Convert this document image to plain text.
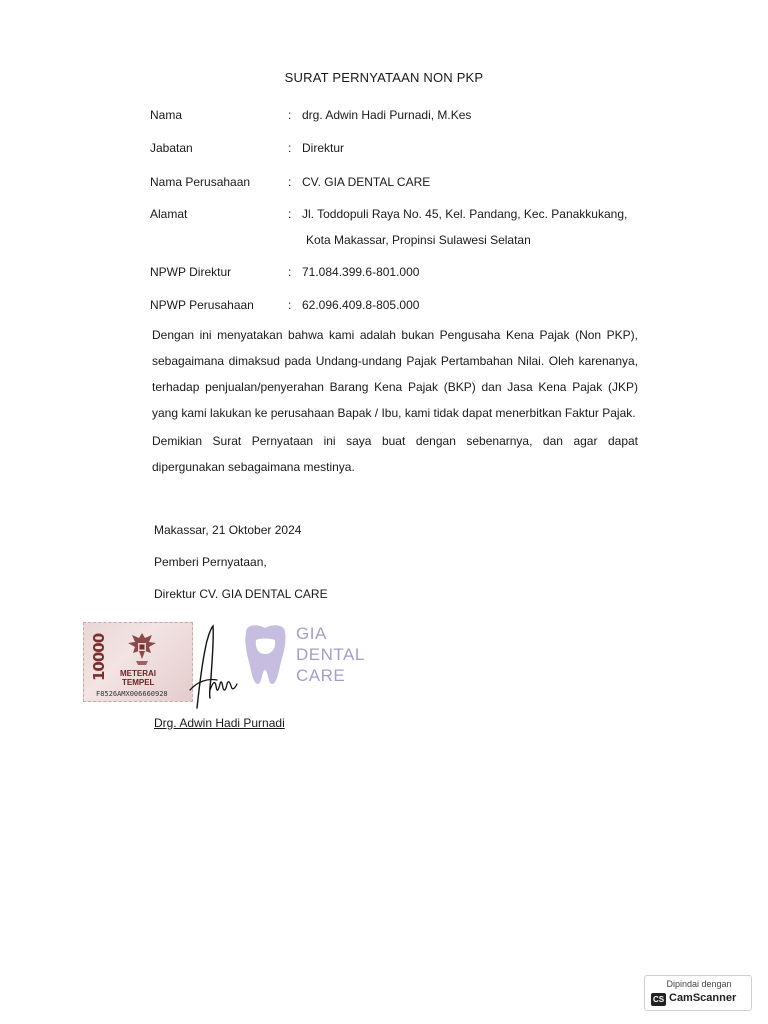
SURAT PERNYATAAN NON PKP
Nama	: drg. Adwin Hadi Purnadi, M.Kes
Jabatan	: Direktur
Nama Perusahaan	: CV. GIA DENTAL CARE
Alamat	: Jl. Toddopuli Raya No. 45, Kel. Pandang, Kec. Panakkukang,
Kota Makassar, Propinsi Sulawesi Selatan
NPWP Direktur	: 71.084.399.6-801.000
NPWP Perusahaan	: 62.096.409.8-805.000

Dengan ini menyatakan bahwa kami adalah bukan Pengusaha Kena Pajak (Non PKP), sebagaimana dimaksud pada Undang-undang Pajak Pertambahan Nilai. Oleh karenanya, terhadap penjualan/penyerahan Barang Kena Pajak (BKP) dan Jasa Kena Pajak (JKP) yang kami lakukan ke perusahaan Bapak / Ibu, kami tidak dapat menerbitkan Faktur Pajak.

Demikian Surat Pernyataan ini saya buat dengan sebenarnya, dan agar dapat dipergunakan sebagaimana mestinya.

Makassar, 21 Oktober 2024
Pemberi Pernyataan,
Direktur CV. GIA DENTAL CARE
10000	METERAI
TEMPEL
F8526AMX006660928
GIA
DENTAL
CARE
Drg. Adwin Hadi Purnadi
Dipindai dengan
CS CamScanner
